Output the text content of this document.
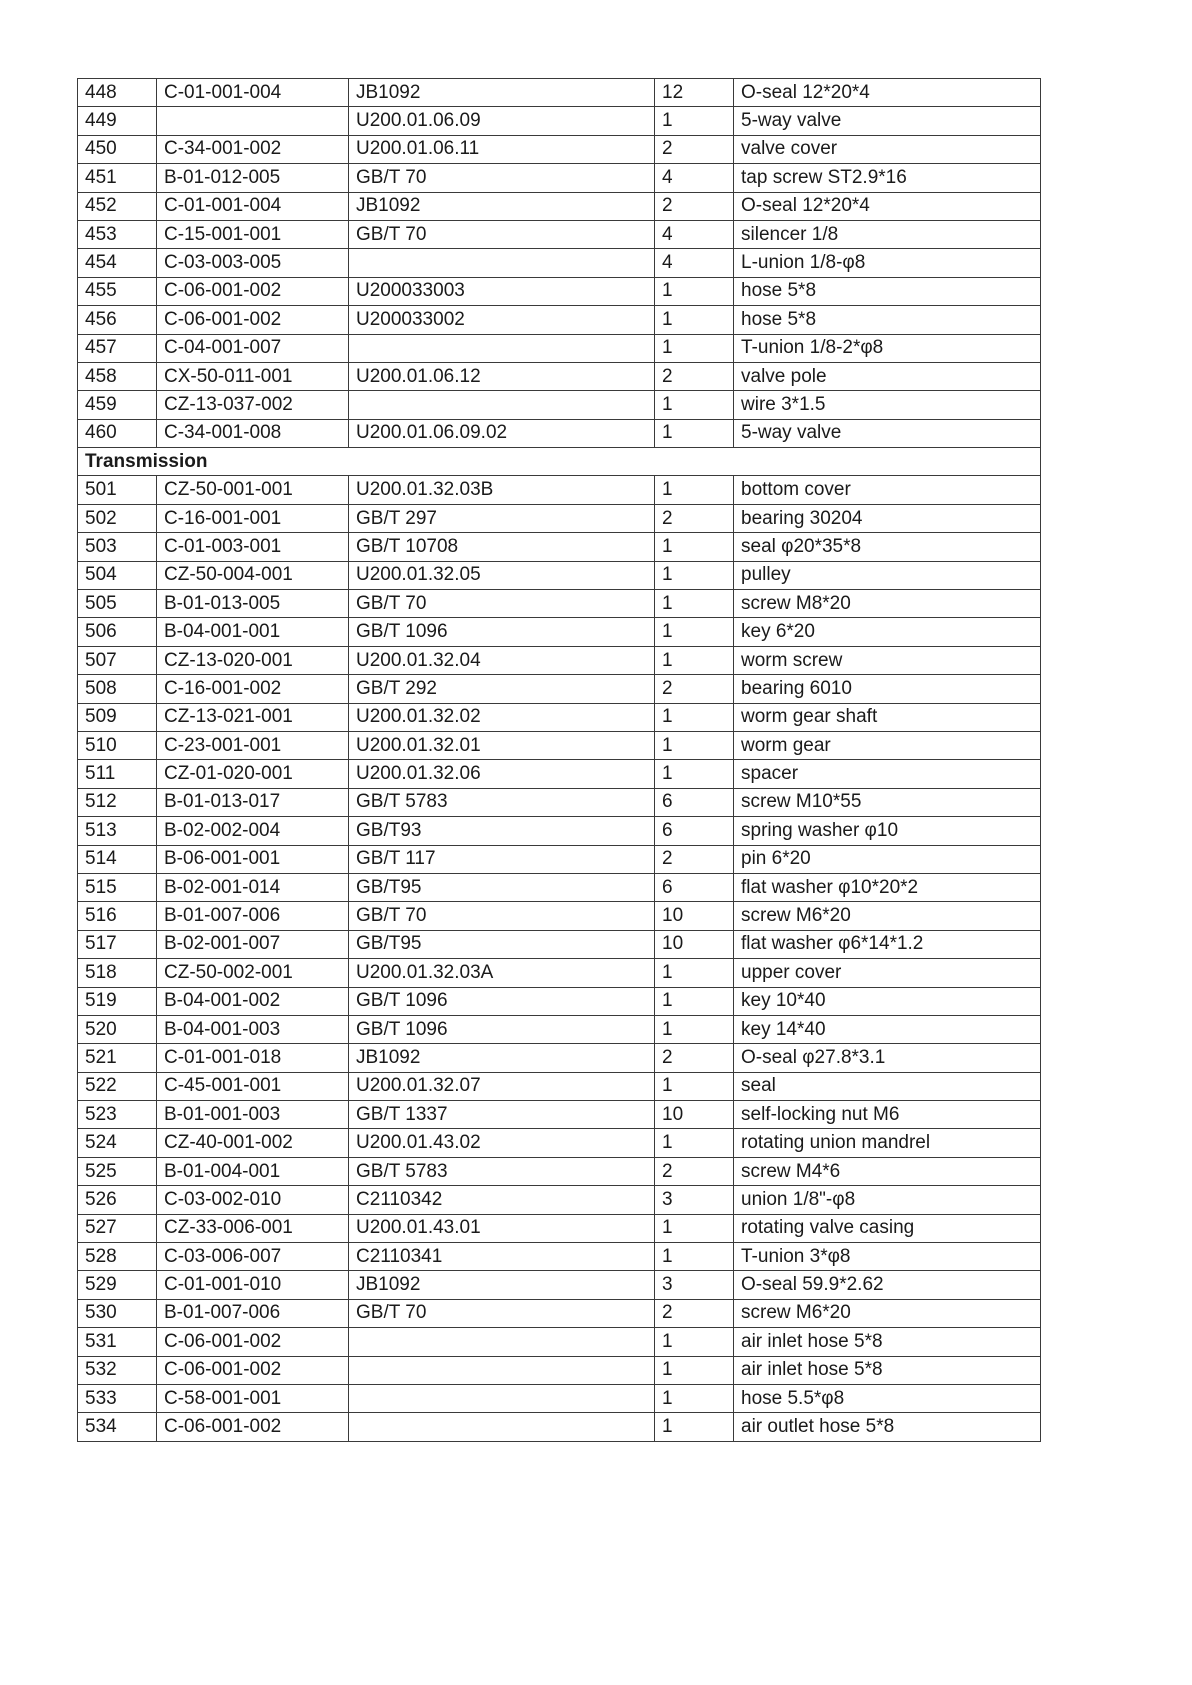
448	C-01-001-004	JB1092	12	O-seal 12*20*4
449		U200.01.06.09	1	5-way valve
450	C-34-001-002	U200.01.06.11	2	valve cover
451	B-01-012-005	GB/T 70	4	tap screw ST2.9*16
452	C-01-001-004	JB1092	2	O-seal 12*20*4
453	C-15-001-001	GB/T 70	4	silencer 1/8
454	C-03-003-005		4	L-union 1/8-φ8
455	C-06-001-002	U200033003	1	hose 5*8
456	C-06-001-002	U200033002	1	hose 5*8
457	C-04-001-007		1	T-union 1/8-2*φ8
458	CX-50-011-001	U200.01.06.12	2	valve pole
459	CZ-13-037-002		1	wire 3*1.5
460	C-34-001-008	U200.01.06.09.02	1	5-way valve
Transmission				
501	CZ-50-001-001	U200.01.32.03B	1	bottom cover
502	C-16-001-001	GB/T 297	2	bearing 30204
503	C-01-003-001	GB/T 10708	1	seal φ20*35*8
504	CZ-50-004-001	U200.01.32.05	1	pulley
505	B-01-013-005	GB/T 70	1	screw M8*20
506	B-04-001-001	GB/T 1096	1	key 6*20
507	CZ-13-020-001	U200.01.32.04	1	worm screw
508	C-16-001-002	GB/T 292	2	bearing 6010
509	CZ-13-021-001	U200.01.32.02	1	worm gear shaft
510	C-23-001-001	U200.01.32.01	1	worm gear
511	CZ-01-020-001	U200.01.32.06	1	spacer
512	B-01-013-017	GB/T 5783	6	screw M10*55
513	B-02-002-004	GB/T93	6	spring washer φ10
514	B-06-001-001	GB/T 117	2	pin 6*20
515	B-02-001-014	GB/T95	6	flat washer φ10*20*2
516	B-01-007-006	GB/T 70	10	screw M6*20
517	B-02-001-007	GB/T95	10	flat washer φ6*14*1.2
518	CZ-50-002-001	U200.01.32.03A	1	upper cover
519	B-04-001-002	GB/T 1096	1	key 10*40
520	B-04-001-003	GB/T 1096	1	key 14*40
521	C-01-001-018	JB1092	2	O-seal φ27.8*3.1
522	C-45-001-001	U200.01.32.07	1	seal
523	B-01-001-003	GB/T 1337	10	self-locking nut M6
524	CZ-40-001-002	U200.01.43.02	1	rotating union mandrel
525	B-01-004-001	GB/T 5783	2	screw M4*6
526	C-03-002-010	C2110342	3	union 1/8"-φ8
527	CZ-33-006-001	U200.01.43.01	1	rotating valve casing
528	C-03-006-007	C2110341	1	T-union 3*φ8
529	C-01-001-010	JB1092	3	O-seal 59.9*2.62
530	B-01-007-006	GB/T 70	2	screw M6*20
531	C-06-001-002		1	air inlet hose 5*8
532	C-06-001-002		1	air inlet hose 5*8
533	C-58-001-001		1	hose 5.5*φ8
534	C-06-001-002		1	air outlet hose 5*8
